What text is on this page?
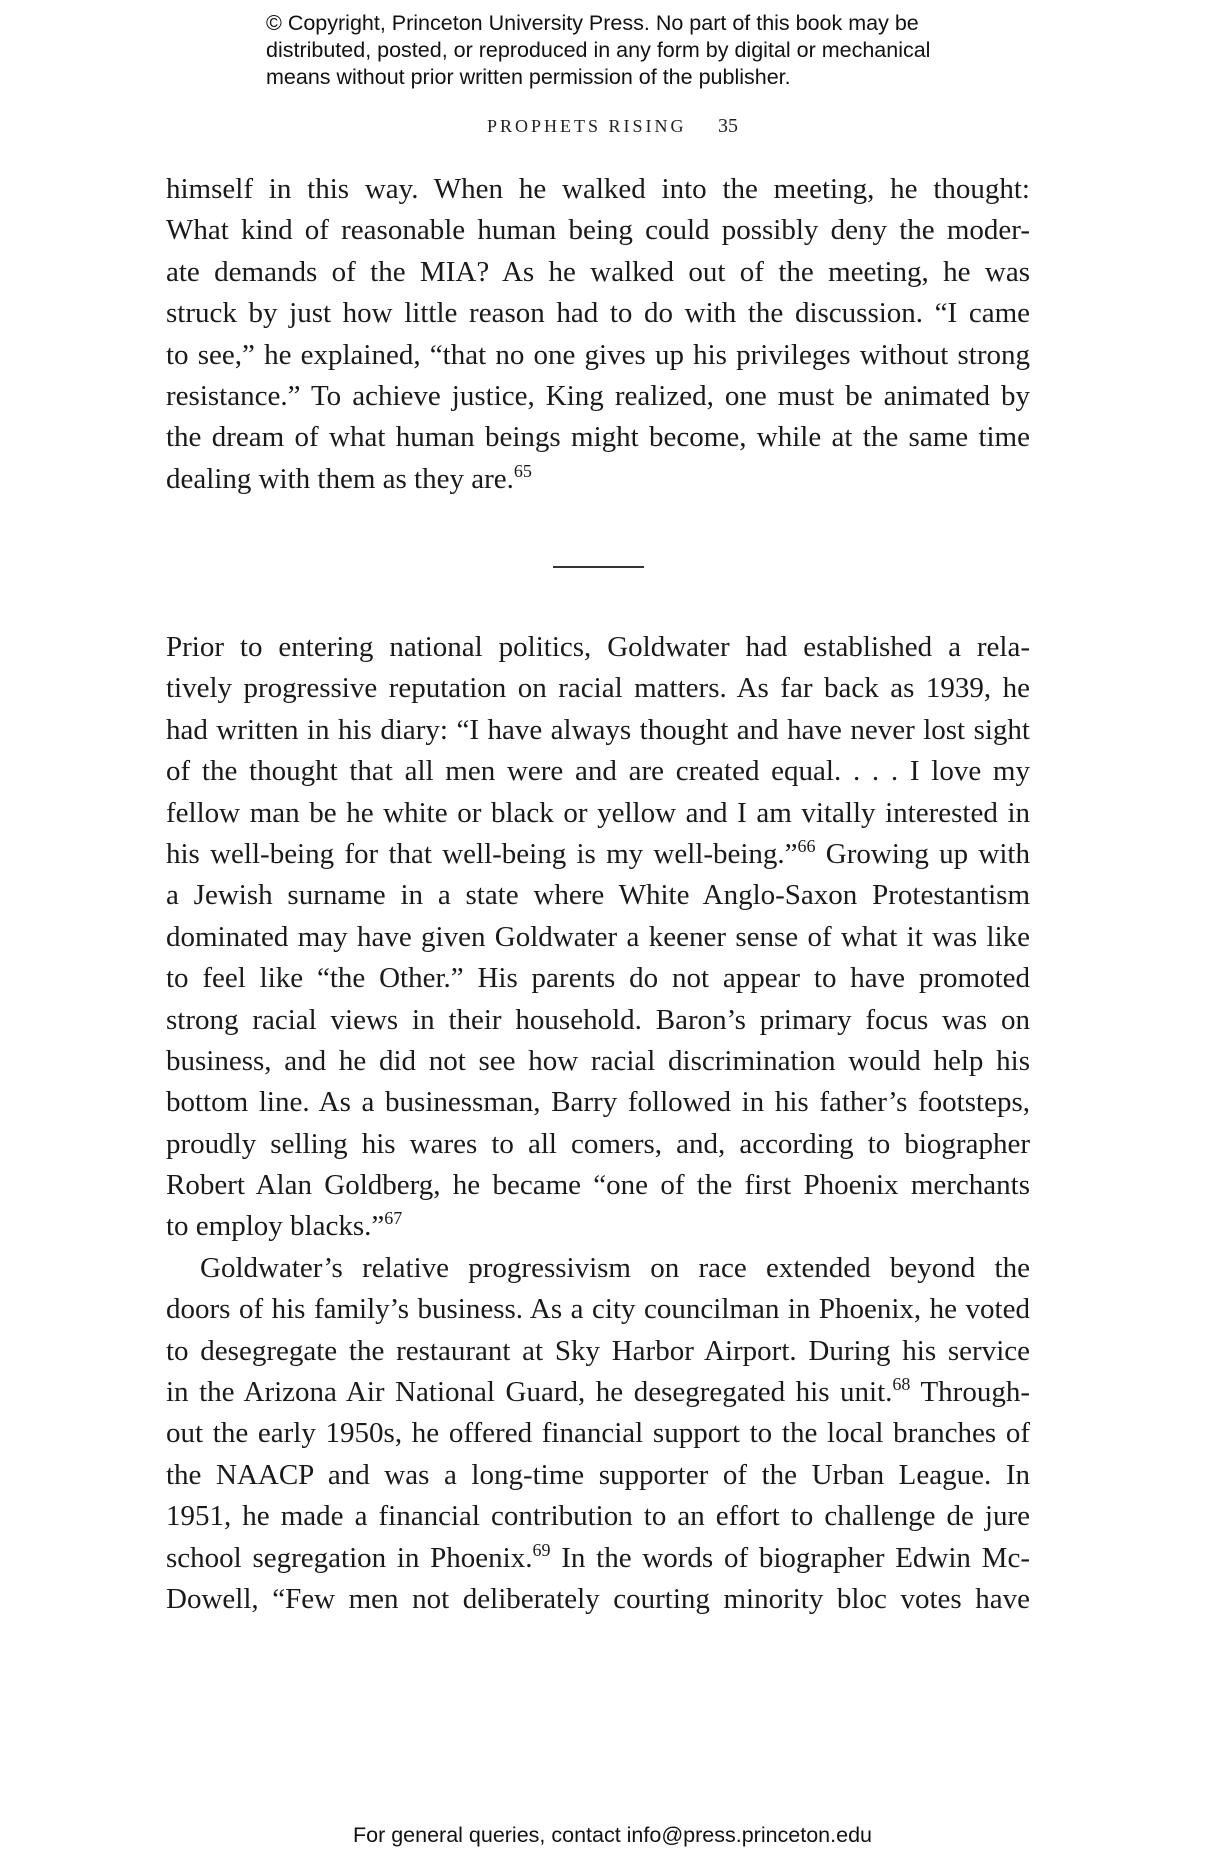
© Copyright, Princeton University Press. No part of this book may be
distributed, posted, or reproduced in any form by digital or mechanical
means without prior written permission of the publisher.
PROPHETS RISING 35
himself in this way. When he walked into the meeting, he thought:
What kind of reasonable human being could possibly deny the moder-
ate demands of the MIA? As he walked out of the meeting, he was
struck by just how little reason had to do with the discussion. “I came
to see,” he explained, “that no one gives up his privileges without strong
resistance.” To achieve justice, King realized, one must be animated by
the dream of what human beings might become, while at the same time
dealing with them as they are.$^{65}$
Prior to entering national politics, Goldwater had established a rela-
tively progressive reputation on racial matters. As far back as 1939, he
had written in his diary: “I have always thought and have never lost sight
of the thought that all men were and are created equal. . . . I love my
fellow man be he white or black or yellow and I am vitally interested in
his well-being for that well-being is my well-being.”$^{66}$ Growing up with
a Jewish surname in a state where White Anglo-Saxon Protestantism
dominated may have given Goldwater a keener sense of what it was like
to feel like “the Other.” His parents do not appear to have promoted
strong racial views in their household. Baron’s primary focus was on
business, and he did not see how racial discrimination would help his
bottom line. As a businessman, Barry followed in his father’s footsteps,
proudly selling his wares to all comers, and, according to biographer
Robert Alan Goldberg, he became “one of the first Phoenix merchants
to employ blacks.”$^{67}$
Goldwater’s relative progressivism on race extended beyond the
doors of his family’s business. As a city councilman in Phoenix, he voted
to desegregate the restaurant at Sky Harbor Airport. During his service
in the Arizona Air National Guard, he desegregated his unit.$^{68}$ Through-
out the early 1950s, he offered financial support to the local branches of
the NAACP and was a long-time supporter of the Urban League. In
1951, he made a financial contribution to an effort to challenge de jure
school segregation in Phoenix.$^{69}$ In the words of biographer Edwin Mc-
Dowell, “Few men not deliberately courting minority bloc votes have
For general queries, contact info@press.princeton.edu
